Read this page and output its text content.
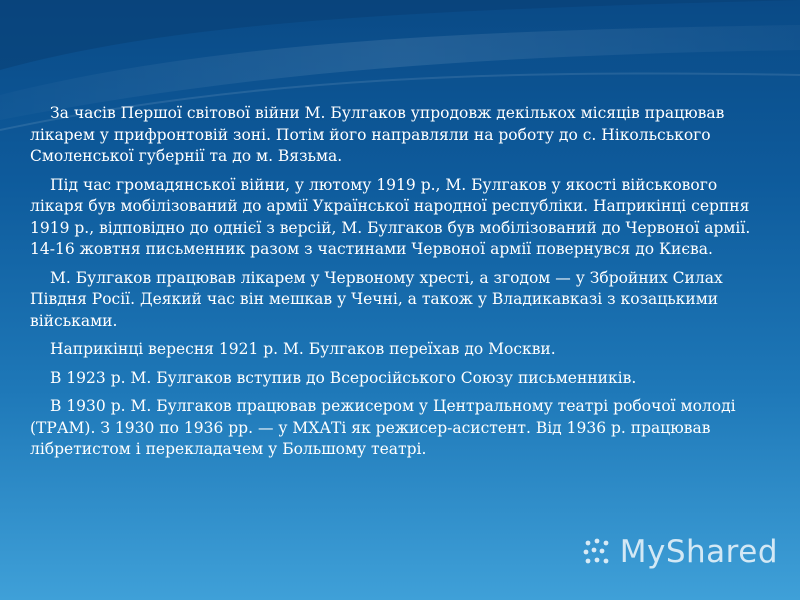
За часів Першої світової війни М. Булгаков упродовж декількох місяців працював лікарем у прифронтовій зоні. Потім його направляли на роботу до с. Нікольського Смоленської губернії та до м. Вязьма.

Під час громадянської війни, у лютому 1919 р., М. Булгаков у якості військового лікаря був мобілізований до армії Української народної республіки. Наприкінці серпня 1919 р., відповідно до однієї з версій, М. Булгаков був мобілізований до Червоної армії. 14-16 жовтня письменник разом з частинами Червоної армії повернувся до Києва.

М. Булгаков працював лікарем у Червоному хресті, а згодом — у Збройних Силах Півдня Росії. Деякий час він мешкав у Чечні, а також у Владикавказі з козацькими військами.

Наприкінці вересня 1921 р. М. Булгаков переїхав до Москви.

В 1923 р. М. Булгаков вступив до Всеросійського Союзу письменників.

В 1930 р. М. Булгаков працював режисером у Центральному театрі робочої молоді (ТРАМ). З 1930 по 1936 рр. — у МХАТі як режисер-асистент. Від 1936 р. працював лібретистом і перекладачем у Большому театрі.

MyShared
